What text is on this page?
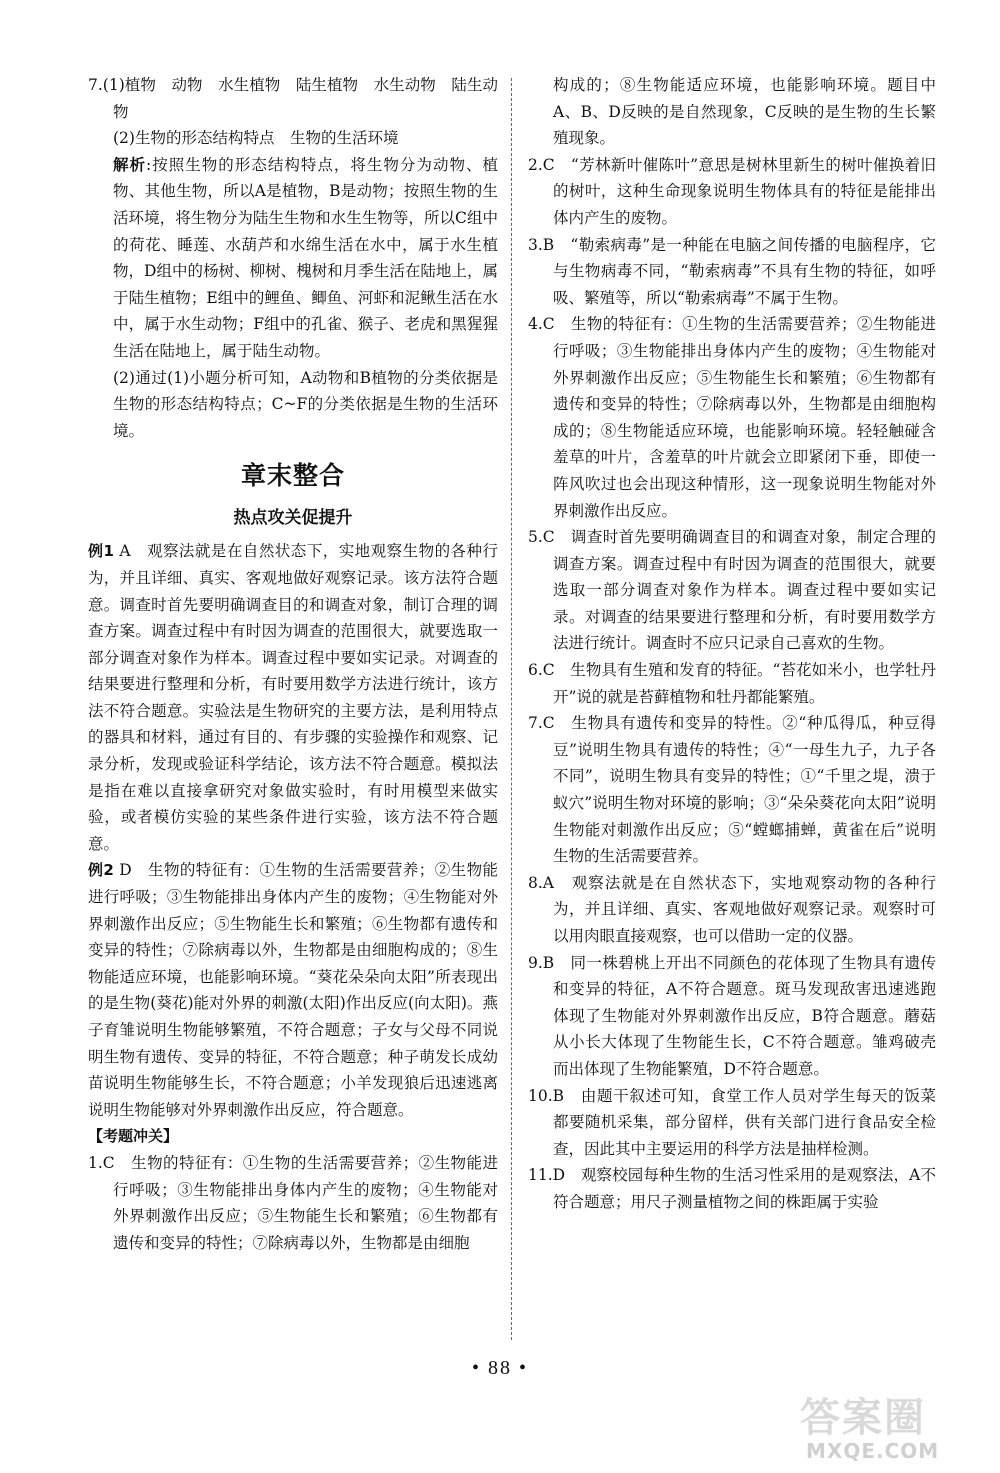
7.(1)植物　动物　水生植物　陆生植物　水生动物　陆生动物

(2)生物的形态结构特点　生物的生活环境

解析:按照生物的形态结构特点，将生物分为动物、植物、其他生物，所以A是植物，B是动物；按照生物的生活环境，将生物分为陆生生物和水生生物等，所以C组中的荷花、睡莲、水葫芦和水绵生活在水中，属于水生植物，D组中的杨树、柳树、槐树和月季生活在陆地上，属于陆生植物；E组中的鲤鱼、鲫鱼、河虾和泥鳅生活在水中，属于水生动物；F组中的孔雀、猴子、老虎和黑猩猩生活在陆地上，属于陆生动物。

(2)通过(1)小题分析可知，A动物和B植物的分类依据是生物的形态结构特点；C~F的分类依据是生物的生活环境。

章末整合
热点攻关促提升

例1 A　观察法就是在自然状态下，实地观察生物的各种行为，并且详细、真实、客观地做好观察记录。该方法符合题意。调查时首先要明确调查目的和调查对象，制订合理的调查方案。调查过程中有时因为调查的范围很大，就要选取一部分调查对象作为样本。调查过程中要如实记录。对调查的结果要进行整理和分析，有时要用数学方法进行统计，该方法不符合题意。实验法是生物研究的主要方法，是利用特点的器具和材料，通过有目的、有步骤的实验操作和观察、记录分析，发现或验证科学结论，该方法不符合题意。模拟法是指在难以直接拿研究对象做实验时，有时用模型来做实验，或者模仿实验的某些条件进行实验，该方法不符合题意。

例2 D　生物的特征有：①生物的生活需要营养；②生物能进行呼吸；③生物能排出身体内产生的废物；④生物能对外界刺激作出反应；⑤生物能生长和繁殖；⑥生物都有遗传和变异的特性；⑦除病毒以外，生物都是由细胞构成的；⑧生物能适应环境，也能影响环境。“葵花朵朵向太阳”所表现出的是生物(葵花)能对外界的刺激(太阳)作出反应(向太阳)。燕子育雏说明生物能够繁殖，不符合题意；子女与父母不同说明生物有遗传、变异的特征，不符合题意；种子萌发长成幼苗说明生物能够生长，不符合题意；小羊发现狼后迅速逃离说明生物能够对外界刺激作出反应，符合题意。

【考题冲关】

1.C　生物的特征有：①生物的生活需要营养；②生物能进行呼吸；③生物能排出身体内产生的废物；④生物能对外界刺激作出反应；⑤生物能生长和繁殖；⑥生物都有遗传和变异的特性；⑦除病毒以外，生物都是由细胞

构成的；⑧生物能适应环境，也能影响环境。题目中A、B、D反映的是自然现象，C反映的是生物的生长繁殖现象。

2.C　“芳林新叶催陈叶”意思是树林里新生的树叶催换着旧的树叶，这种生命现象说明生物体具有的特征是能排出体内产生的废物。

3.B　“勒索病毒”是一种能在电脑之间传播的电脑程序，它与生物病毒不同，“勒索病毒”不具有生物的特征，如呼吸、繁殖等，所以“勒索病毒”不属于生物。

4.C　生物的特征有：①生物的生活需要营养；②生物能进行呼吸；③生物能排出身体内产生的废物；④生物能对外界刺激作出反应；⑤生物能生长和繁殖；⑥生物都有遗传和变异的特性；⑦除病毒以外，生物都是由细胞构成的；⑧生物能适应环境，也能影响环境。轻轻触碰含羞草的叶片，含羞草的叶片就会立即紧闭下垂，即使一阵风吹过也会出现这种情形，这一现象说明生物能对外界刺激作出反应。

5.C　调查时首先要明确调查目的和调查对象，制定合理的调查方案。调查过程中有时因为调查的范围很大，就要选取一部分调查对象作为样本。调查过程中要如实记录。对调查的结果要进行整理和分析，有时要用数学方法进行统计。调查时不应只记录自己喜欢的生物。

6.C　生物具有生殖和发育的特征。“苔花如米小，也学牡丹开”说的就是苔藓植物和牡丹都能繁殖。

7.C　生物具有遗传和变异的特性。②“种瓜得瓜，种豆得豆”说明生物具有遗传的特性；④“一母生九子，九子各不同”，说明生物具有变异的特性；①“千里之堤，溃于蚁穴”说明生物对环境的影响；③“朵朵葵花向太阳”说明生物能对刺激作出反应；⑤“螳螂捕蝉，黄雀在后”说明生物的生活需要营养。

8.A　观察法就是在自然状态下，实地观察动物的各种行为，并且详细、真实、客观地做好观察记录。观察时可以用肉眼直接观察，也可以借助一定的仪器。

9.B　同一株碧桃上开出不同颜色的花体现了生物具有遗传和变异的特征，A不符合题意。斑马发现敌害迅速逃跑体现了生物能对外界刺激作出反应，B符合题意。蘑菇从小长大体现了生物能生长，C不符合题意。雏鸡破壳而出体现了生物能繁殖，D不符合题意。

10.B　由题干叙述可知，食堂工作人员对学生每天的饭菜都要随机采集，部分留样，供有关部门进行食品安全检查，因此其中主要运用的科学方法是抽样检测。

11.D　观察校园每种生物的生活习性采用的是观察法，A不符合题意；用尺子测量植物之间的株距属于实验

• 88 •
答案圈
MXQE.COM
